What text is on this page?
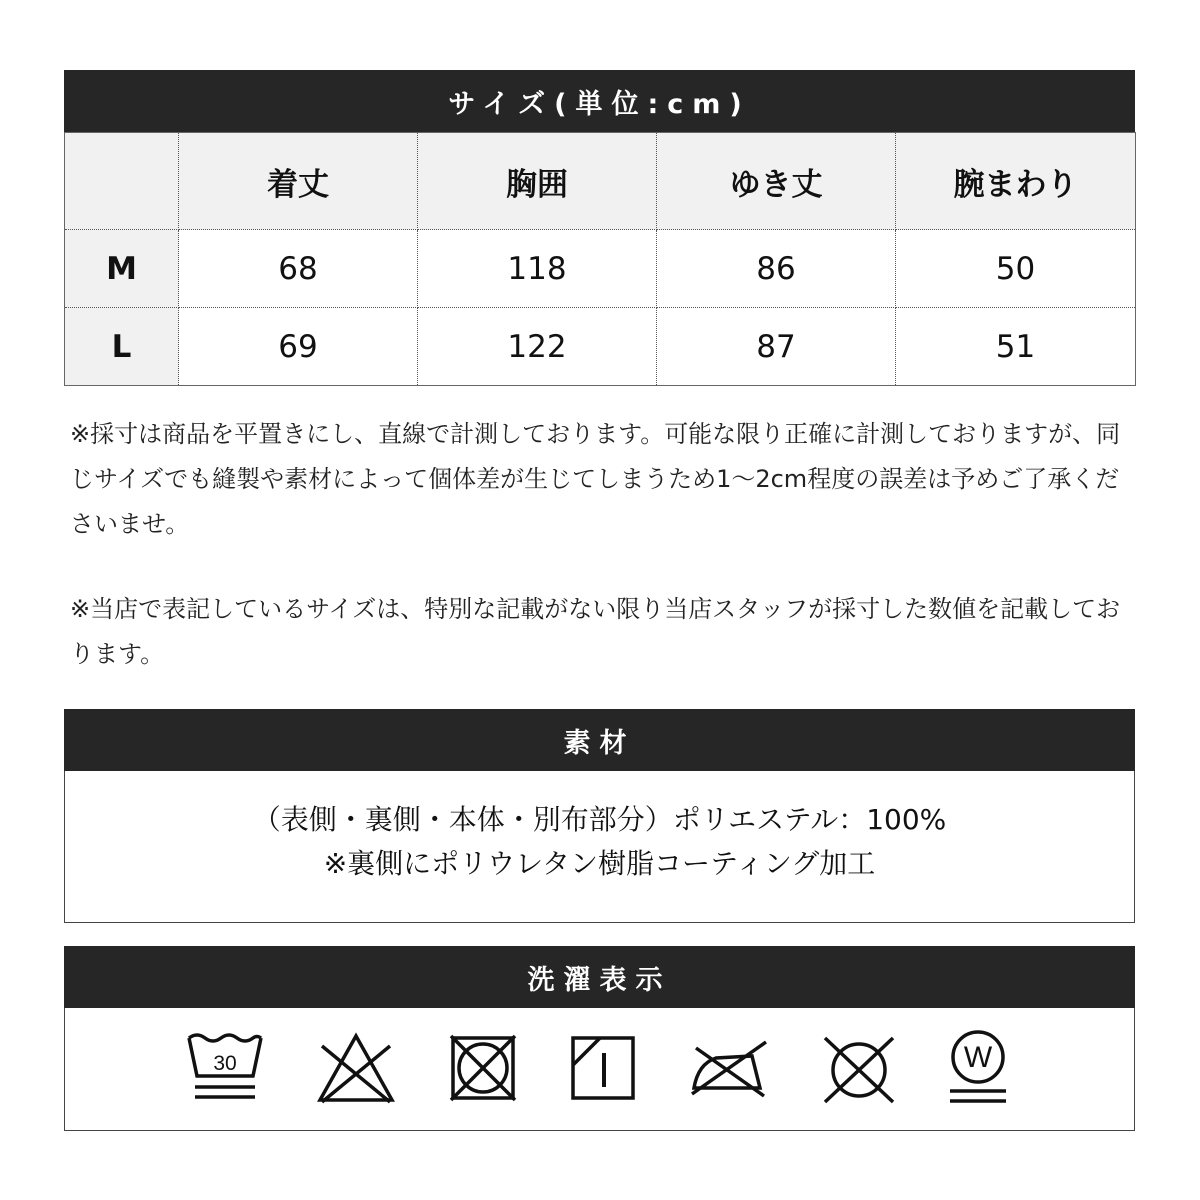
サイズ(単位:cm)
	着丈	胸囲	ゆき丈	腕まわり
M	68	118	86	50
L	69	122	87	51
※採寸は商品を平置きにし、直線で計測しております。可能な限り正確に計測しておりますが、同じサイズでも縫製や素材によって個体差が生じてしまうため1～2cm程度の誤差は予めご了承くださいませ。
※当店で表記しているサイズは、特別な記載がない限り当店スタッフが採寸した数値を記載しております。
素材
（表側・裏側・本体・別布部分）ポリエステル：100%
※裏側にポリウレタン樹脂コーティング加工
洗濯表示
30	W
